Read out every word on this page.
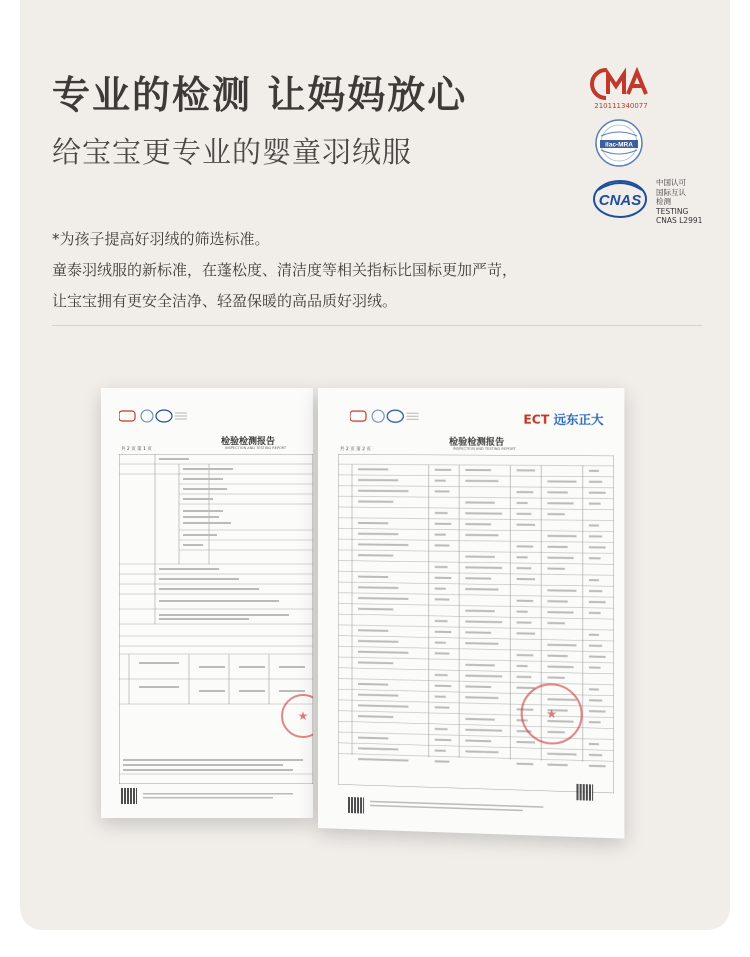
专业的检测 让妈妈放心
给宝宝更专业的婴童羽绒服
210111340077
ilac-MRA
CNAS
中国认可
国际互认
检测
TESTING
CNAS L2991

*为孩子提高好羽绒的筛选标准。

童泰羽绒服的新标准，在蓬松度、清洁度等相关指标比国标更加严苛，

让宝宝拥有更安全洁净、轻盈保暖的高品质好羽绒。

检验检测报告
INSPECTION AND TESTING REPORT
共 2 页 第 1 页
★
ECT 远东正大
检验检测报告
INSPECTION AND TESTING REPORT
共 2 页 第 2 页
★
